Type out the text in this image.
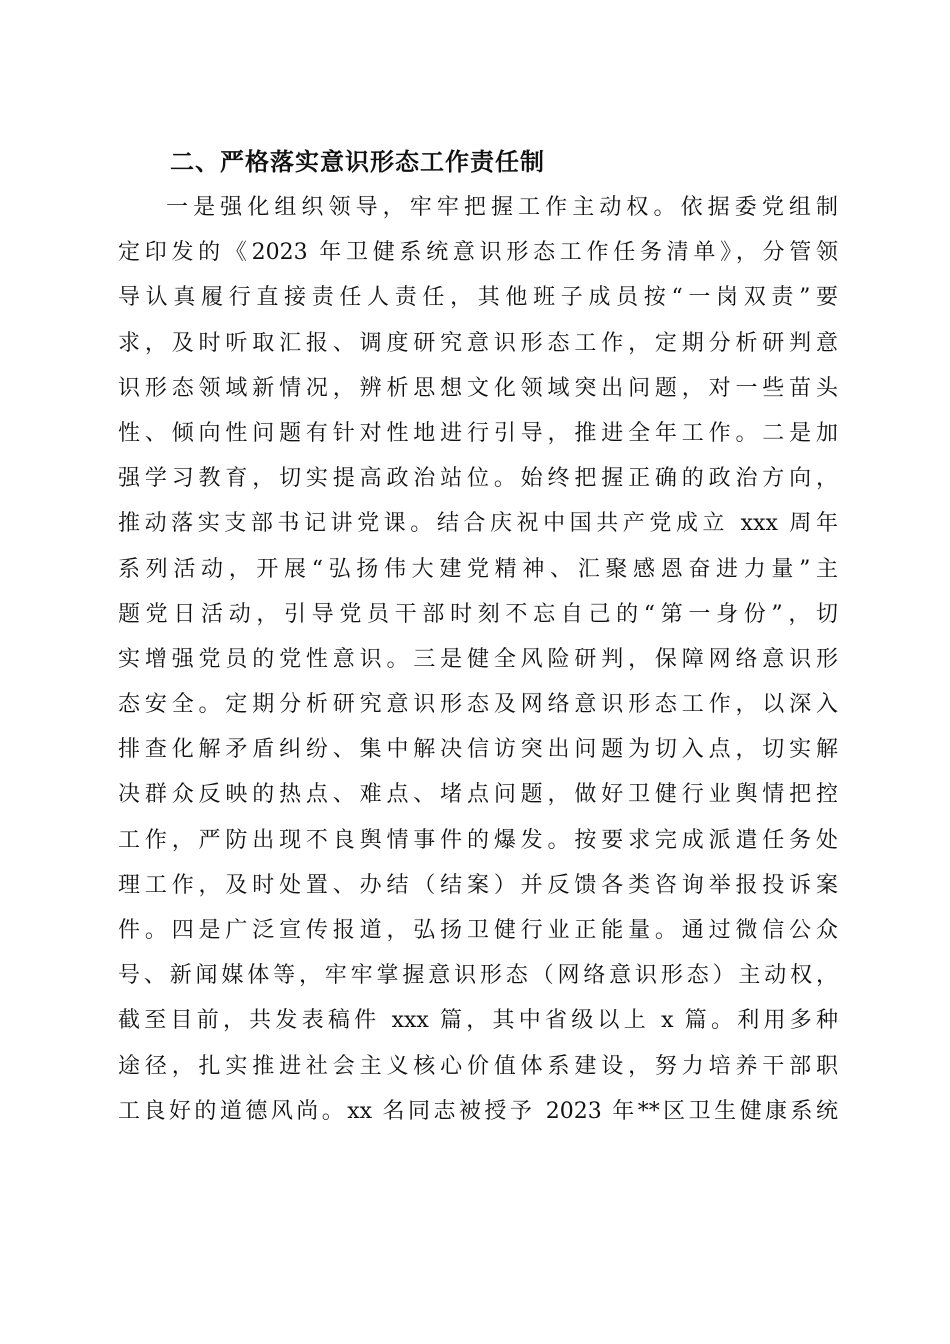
二、严格落实意识形态工作责任制
一是强化组织领导，牢牢把握工作主动权。依据委党组制
定印发的《2023 年卫健系统意识形态工作任务清单》，分管领
导认真履行直接责任人责任，其他班子成员按“一岗双责”要
求，及时听取汇报、调度研究意识形态工作，定期分析研判意
识形态领域新情况，辨析思想文化领域突出问题，对一些苗头
性、倾向性问题有针对性地进行引导，推进全年工作。二是加
强学习教育，切实提高政治站位。始终把握正确的政治方向，
推动落实支部书记讲党课。结合庆祝中国共产党成立 xxx 周年
系列活动，开展“弘扬伟大建党精神、汇聚感恩奋进力量”主
题党日活动，引导党员干部时刻不忘自己的“第一身份”，切
实增强党员的党性意识。三是健全风险研判，保障网络意识形
态安全。定期分析研究意识形态及网络意识形态工作，以深入
排查化解矛盾纠纷、集中解决信访突出问题为切入点，切实解
决群众反映的热点、难点、堵点问题，做好卫健行业舆情把控
工作，严防出现不良舆情事件的爆发。按要求完成派遣任务处
理工作，及时处置、办结（结案）并反馈各类咨询举报投诉案
件。四是广泛宣传报道，弘扬卫健行业正能量。通过微信公众
号、新闻媒体等，牢牢掌握意识形态（网络意识形态）主动权，
截至目前，共发表稿件 xxx 篇，其中省级以上 x 篇。利用多种
途径，扎实推进社会主义核心价值体系建设，努力培养干部职
工良好的道德风尚。xx 名同志被授予 2023 年**区卫生健康系统
